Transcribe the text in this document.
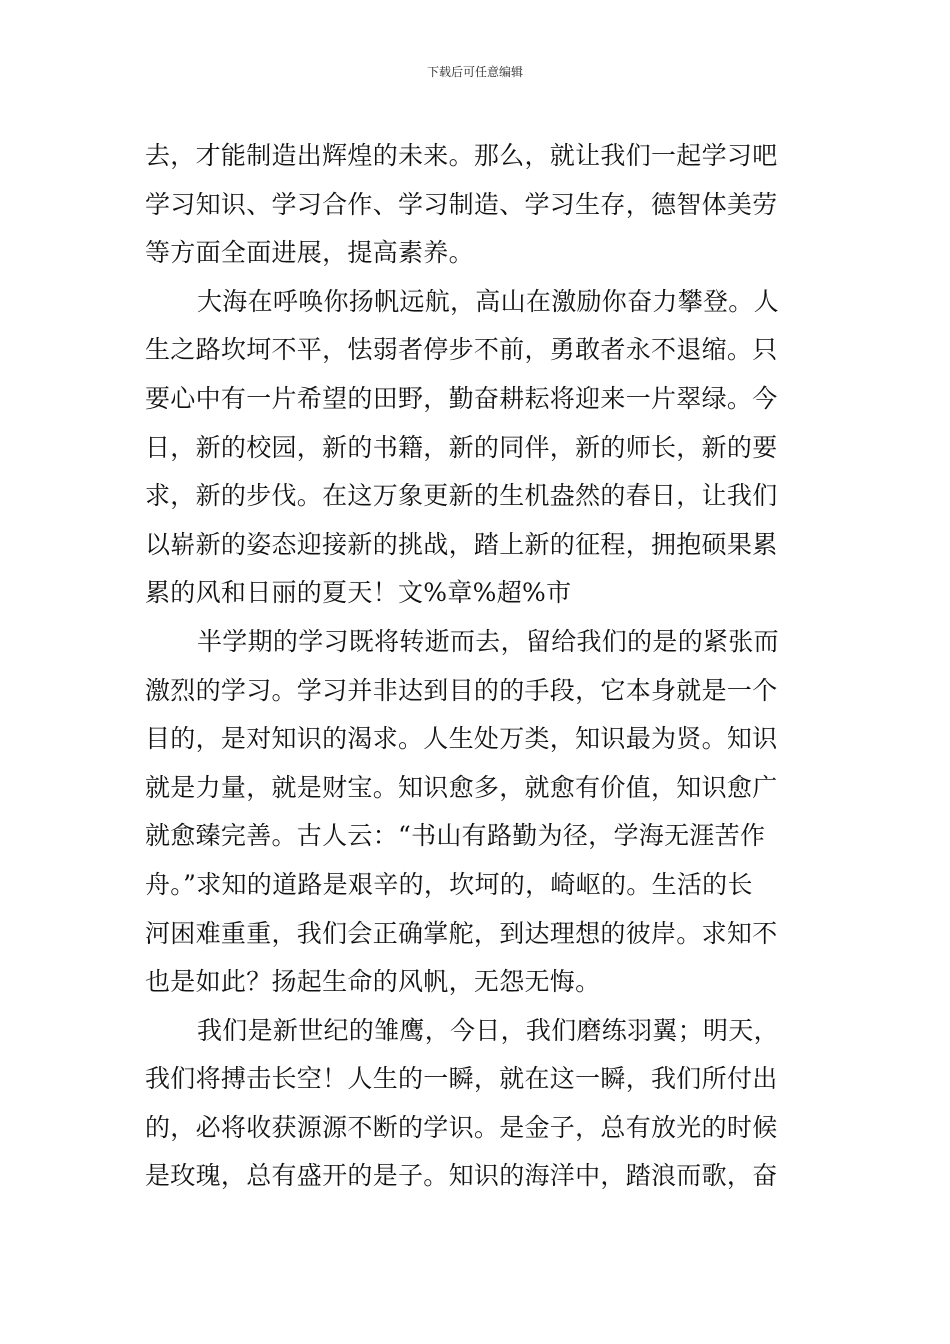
下载后可任意编辑
去，才能制造出辉煌的未来。那么，就让我们一起学习吧
学习知识、学习合作、学习制造、学习生存，德智体美劳
等方面全面进展，提高素养。
大海在呼唤你扬帆远航，高山在激励你奋力攀登。人
生之路坎坷不平，怯弱者停步不前，勇敢者永不退缩。只
要心中有一片希望的田野，勤奋耕耘将迎来一片翠绿。今
日，新的校园，新的书籍，新的同伴，新的师长，新的要
求，新的步伐。在这万象更新的生机盎然的春日，让我们
以崭新的姿态迎接新的挑战，踏上新的征程，拥抱硕果累
累的风和日丽的夏天！文%章%超%市
半学期的学习既将转逝而去，留给我们的是的紧张而
激烈的学习。学习并非达到目的的手段，它本身就是一个
目的，是对知识的渴求。人生处万类，知识最为贤。知识
就是力量，就是财宝。知识愈多，就愈有价值，知识愈广
就愈臻完善。古人云：“书山有路勤为径，学海无涯苦作
舟。”求知的道路是艰辛的，坎坷的，崎岖的。生活的长
河困难重重，我们会正确掌舵，到达理想的彼岸。求知不
也是如此？扬起生命的风帆，无怨无悔。
我们是新世纪的雏鹰，今日，我们磨练羽翼；明天，
我们将搏击长空！人生的一瞬，就在这一瞬，我们所付出
的，必将收获源源不断的学识。是金子，总有放光的时候
是玫瑰，总有盛开的是子。知识的海洋中，踏浪而歌，奋
